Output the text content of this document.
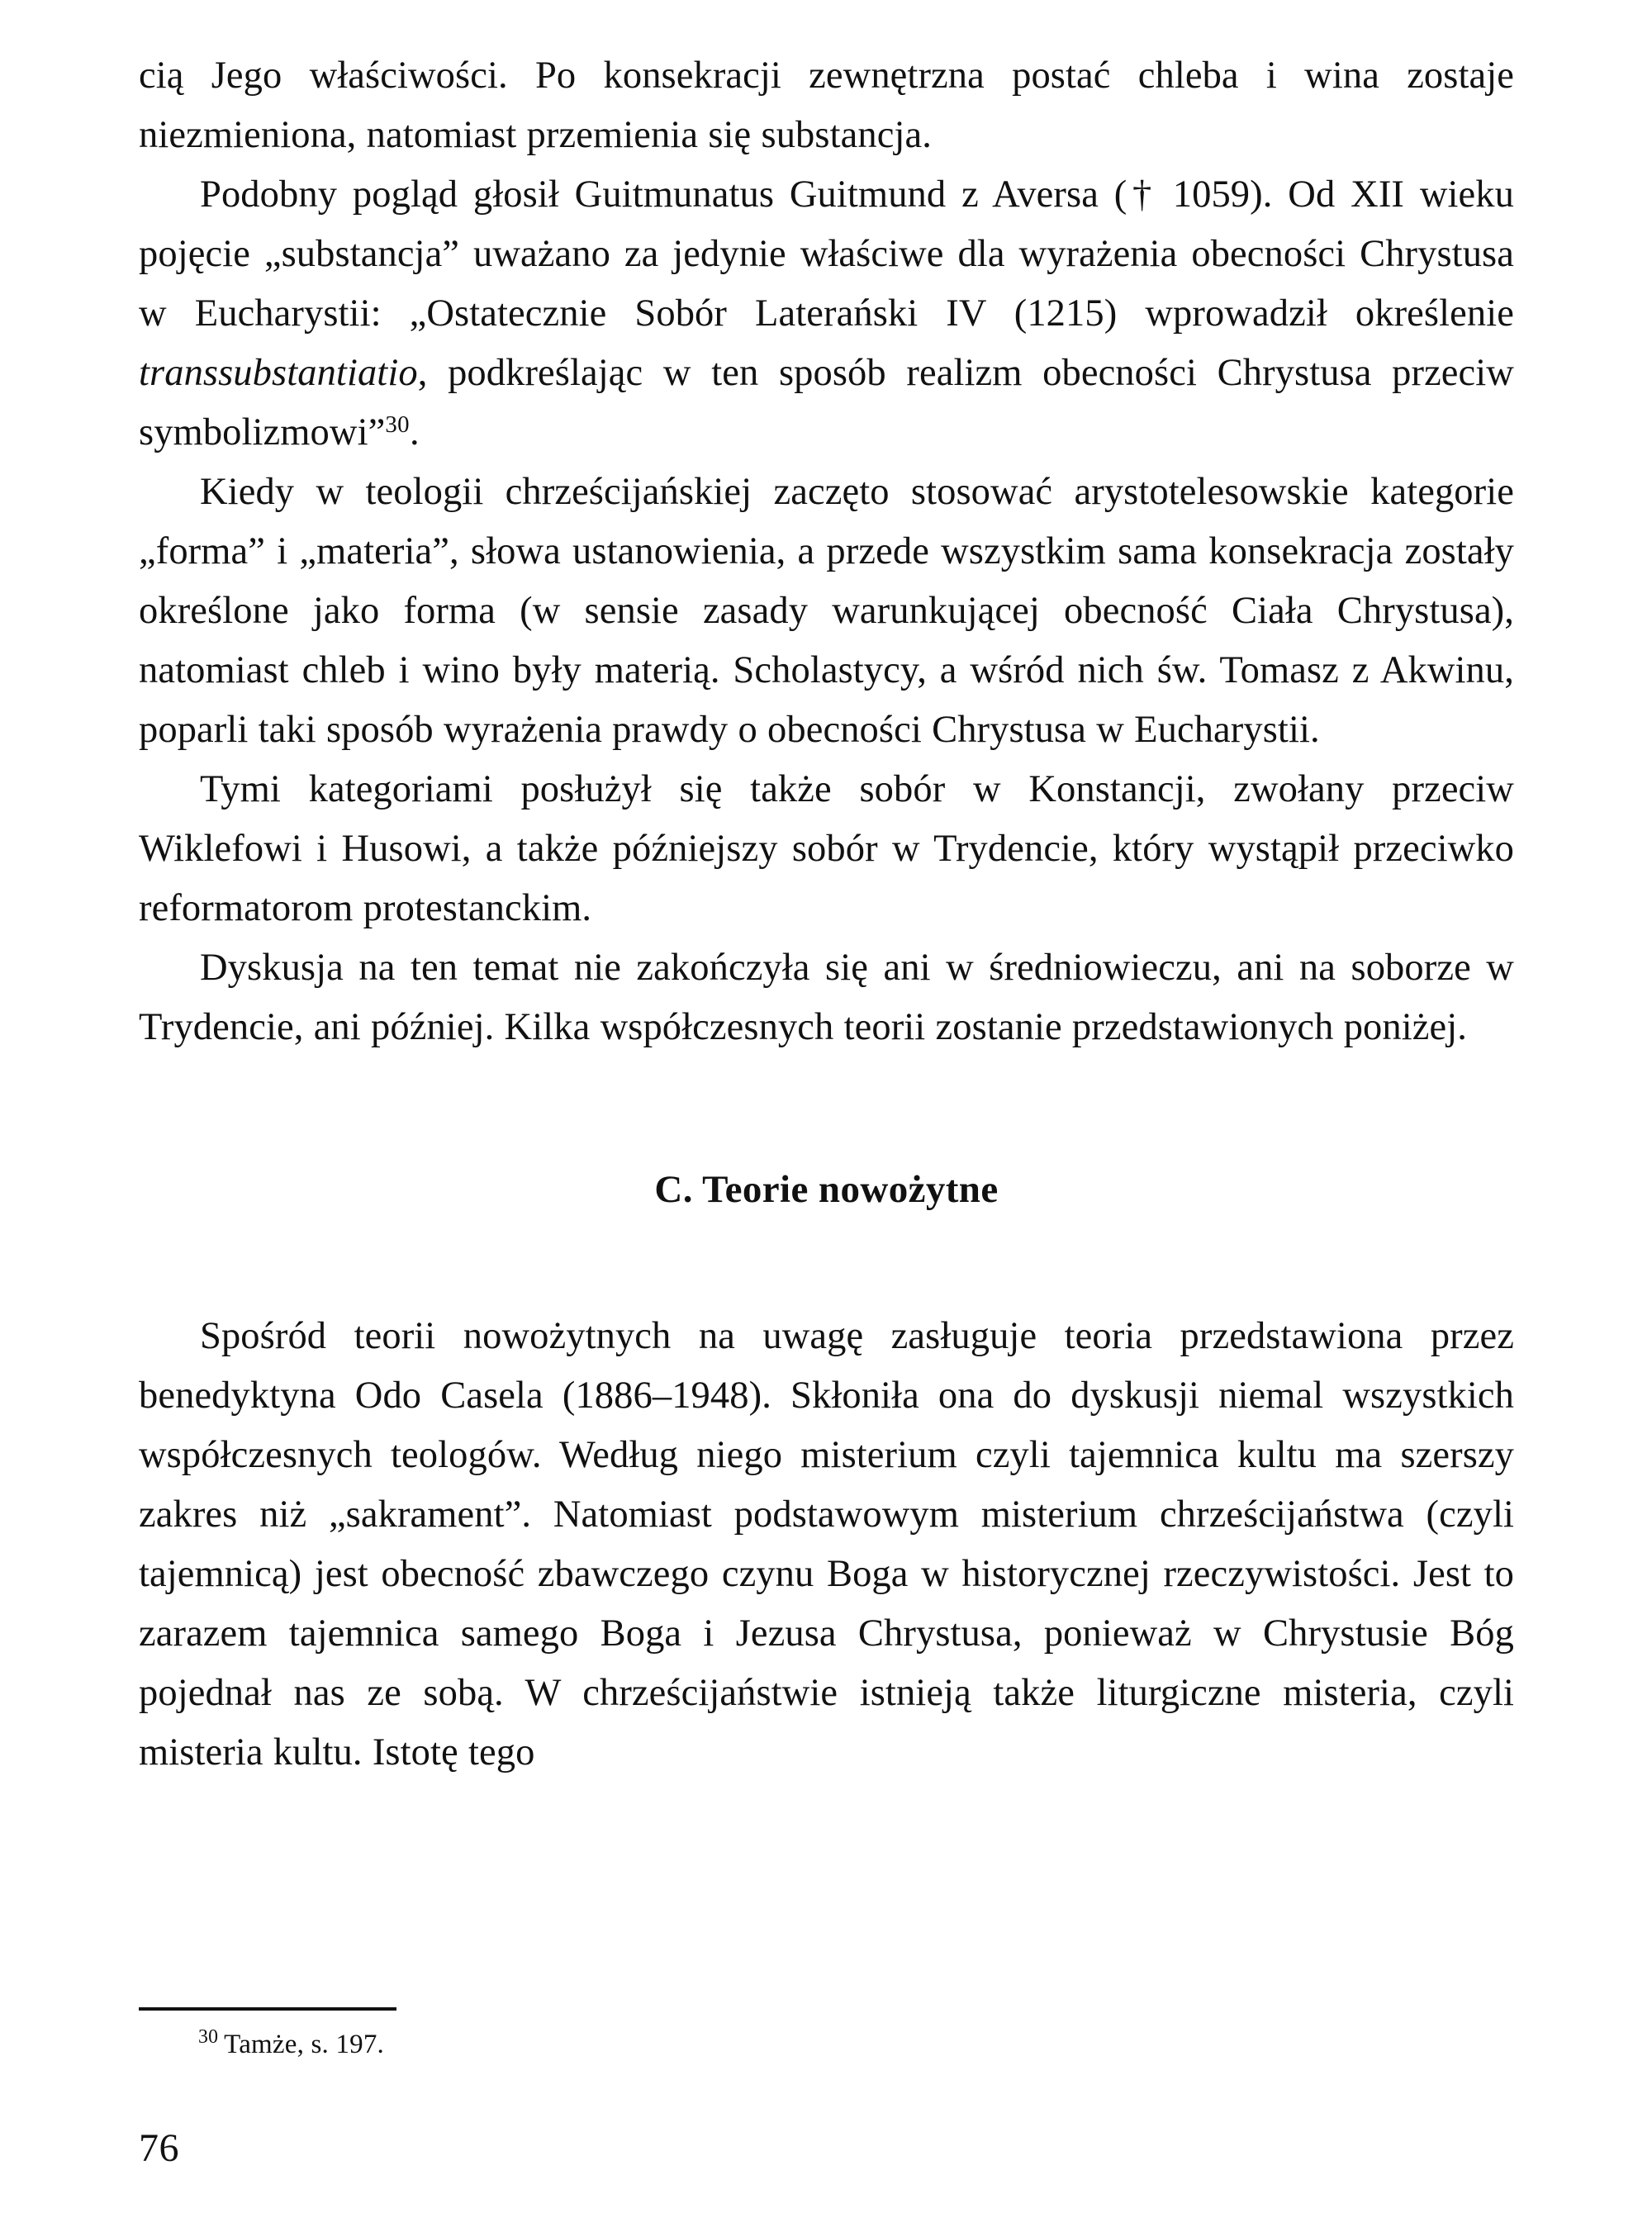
cią Jego właściwości. Po konsekracji zewnętrzna postać chleba i wina zostaje niezmieniona, natomiast przemienia się substancja.

Podobny pogląd głosił Guitmunatus Guitmund z Aversa († 1059). Od XII wieku pojęcie „substancja” uważano za jedynie właściwe dla wyrażenia obecności Chrystusa w Eucharystii: „Ostatecznie Sobór Laterański IV (1215) wprowadził określenie transsubstantiatio, podkreślając w ten sposób realizm obecności Chrystusa przeciw symbolizmowi”$^{30}$.

Kiedy w teologii chrześcijańskiej zaczęto stosować arystotelesowskie kategorie „forma” i „materia”, słowa ustanowienia, a przede wszystkim sama konsekracja zostały określone jako forma (w sensie zasady warunkującej obecność Ciała Chrystusa), natomiast chleb i wino były materią. Scholastycy, a wśród nich św. Tomasz z Akwinu, poparli taki sposób wyrażenia prawdy o obecności Chrystusa w Eucharystii.

Tymi kategoriami posłużył się także sobór w Konstancji, zwołany przeciw Wiklefowi i Husowi, a także późniejszy sobór w Trydencie, który wystąpił przeciwko reformatorom protestanckim.

Dyskusja na ten temat nie zakończyła się ani w średniowieczu, ani na soborze w Trydencie, ani później. Kilka współczesnych teorii zostanie przedstawionych poniżej.

C. Teorie nowożytne

Spośród teorii nowożytnych na uwagę zasługuje teoria przedstawiona przez benedyktyna Odo Casela (1886–1948). Skłoniła ona do dyskusji niemal wszystkich współczesnych teologów. Według niego misterium czyli tajemnica kultu ma szerszy zakres niż „sakrament”. Natomiast podstawowym misterium chrześcijaństwa (czyli tajemnicą) jest obecność zbawczego czynu Boga w historycznej rzeczywistości. Jest to zarazem tajemnica samego Boga i Jezusa Chrystusa, ponieważ w Chrystusie Bóg pojednał nas ze sobą. W chrześcijaństwie istnieją także liturgiczne misteria, czyli misteria kultu. Istotę tego

$^{30}$ Tamże, s. 197.

76
